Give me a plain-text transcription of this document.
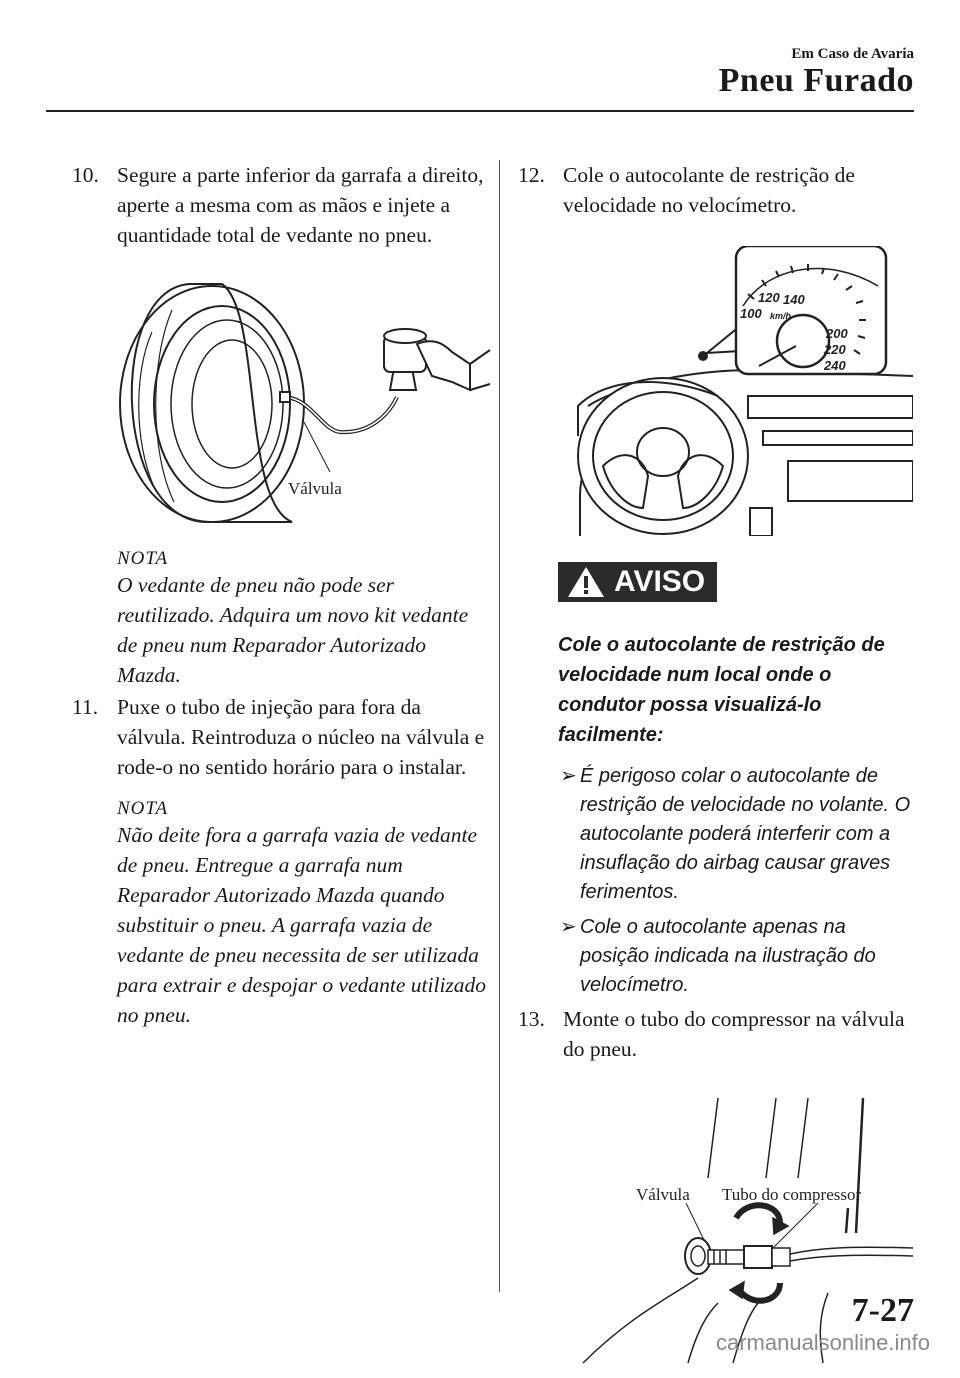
Em Caso de Avaria
Pneu Furado

10. Segure a parte inferior da garrafa a direito, aperte a mesma com as mãos e injete a quantidade total de vedante no pneu.

Válvula

NOTA

O vedante de pneu não pode ser reutilizado. Adquira um novo kit vedante de pneu num Reparador Autorizado Mazda.

11. Puxe o tubo de injeção para fora da válvula. Reintroduza o núcleo na válvula e rode-o no sentido horário para o instalar.

NOTA

Não deite fora a garrafa vazia de vedante de pneu. Entregue a garrafa num Reparador Autorizado Mazda quando substituir o pneu. A garrafa vazia de vedante de pneu necessita de ser utilizada para extrair e despojar o vedante utilizado no pneu.

12. Cole o autocolante de restrição de velocidade no velocímetro.

100
120 140
km/h
200
220
240
AVISO

Cole o autocolante de restrição de velocidade num local onde o condutor possa visualizá-lo facilmente:

➢ É perigoso colar o autocolante de restrição de velocidade no volante. O autocolante poderá interferir com a insuflação do airbag causar graves ferimentos.

➢ Cole o autocolante apenas na posição indicada na ilustração do velocímetro.

13. Monte o tubo do compressor na válvula do pneu.

Válvula Tubo do compressor
7-27
carmanualsonline.info
